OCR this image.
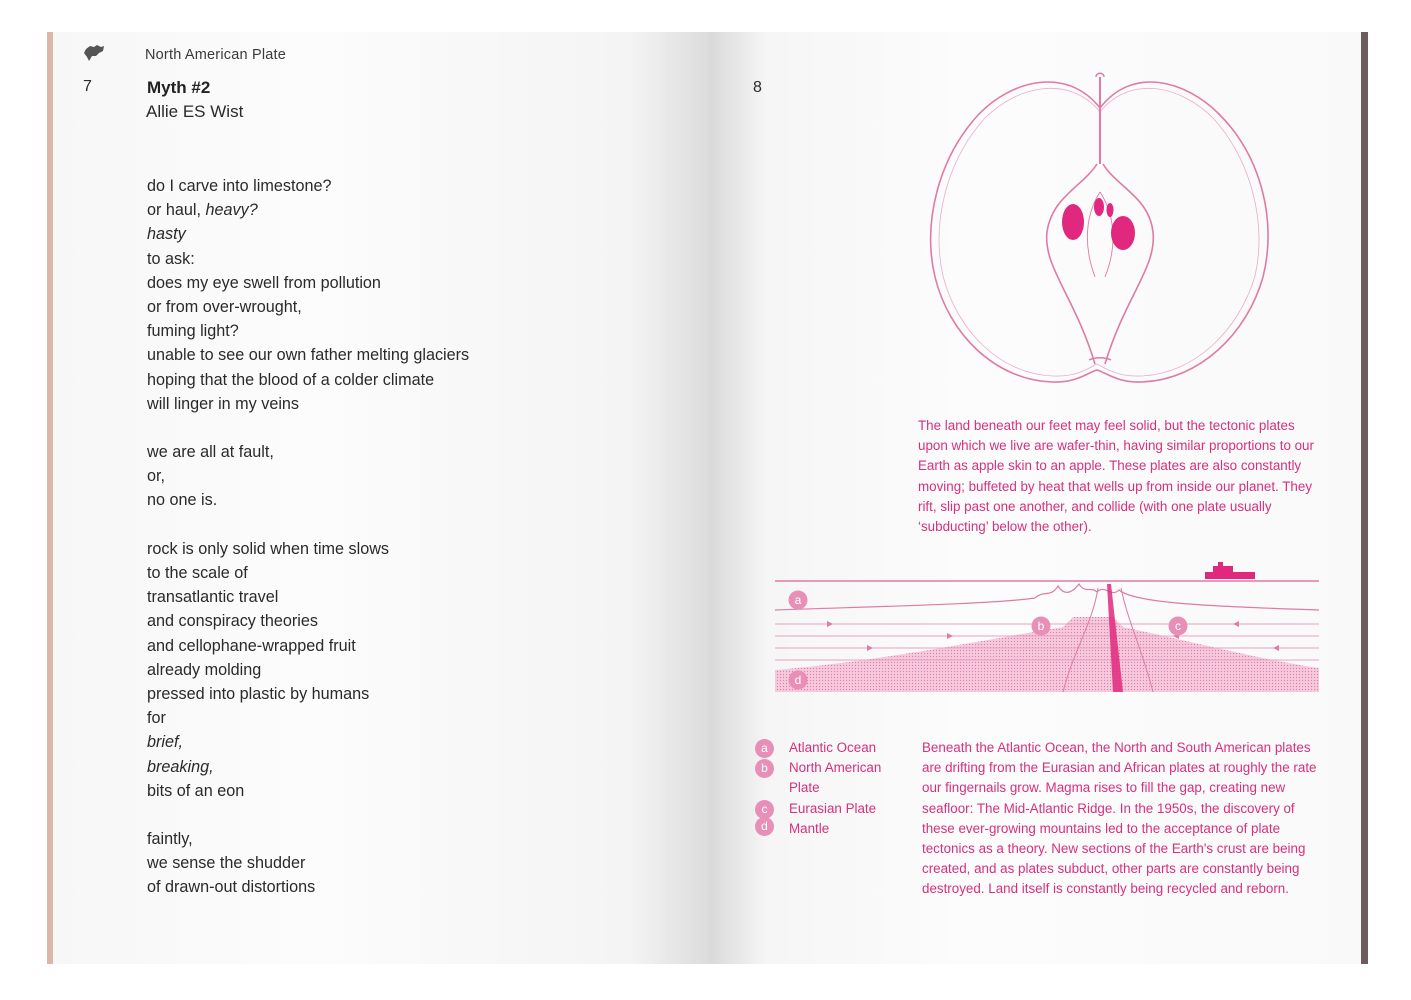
North American Plate
7	Myth #2
Allie ES Wist
do I carve into limestone?
or haul, heavy?
hasty
to ask:
does my eye swell from pollution
or from over-wrought,
fuming light?
unable to see our own father melting glaciers
hoping that the blood of a colder climate
will linger in my veins
we are all at fault,
or,
no one is.
rock is only solid when time slows
to the scale of
transatlantic travel
and conspiracy theories
and cellophane-wrapped fruit
already molding
pressed into plastic by humans
for
brief,
breaking,
bits of an eon
faintly,
we sense the shudder
of drawn-out distortions
8
The land beneath our feet may feel solid, but the tectonic plates upon which we live are wafer-thin, having similar proportions to our Earth as apple skin to an apple. These plates are also constantly moving; buffeted by heat that wells up from inside our planet. They rift, slip past one another, and collide (with one plate usually ‘subducting’ below the other).
a
b	c
d
a	Atlantic Ocean
b	North American Plate
c	Eurasian Plate
d	Mantle
Beneath the Atlantic Ocean, the North and South American plates are drifting from the Eurasian and African plates at roughly the rate our fingernails grow. Magma rises to fill the gap, creating new seafloor: The Mid-Atlantic Ridge. In the 1950s, the discovery of these ever-growing mountains led to the acceptance of plate tectonics as a theory. New sections of the Earth's crust are being created, and as plates subduct, other parts are constantly being destroyed. Land itself is constantly being recycled and reborn.
